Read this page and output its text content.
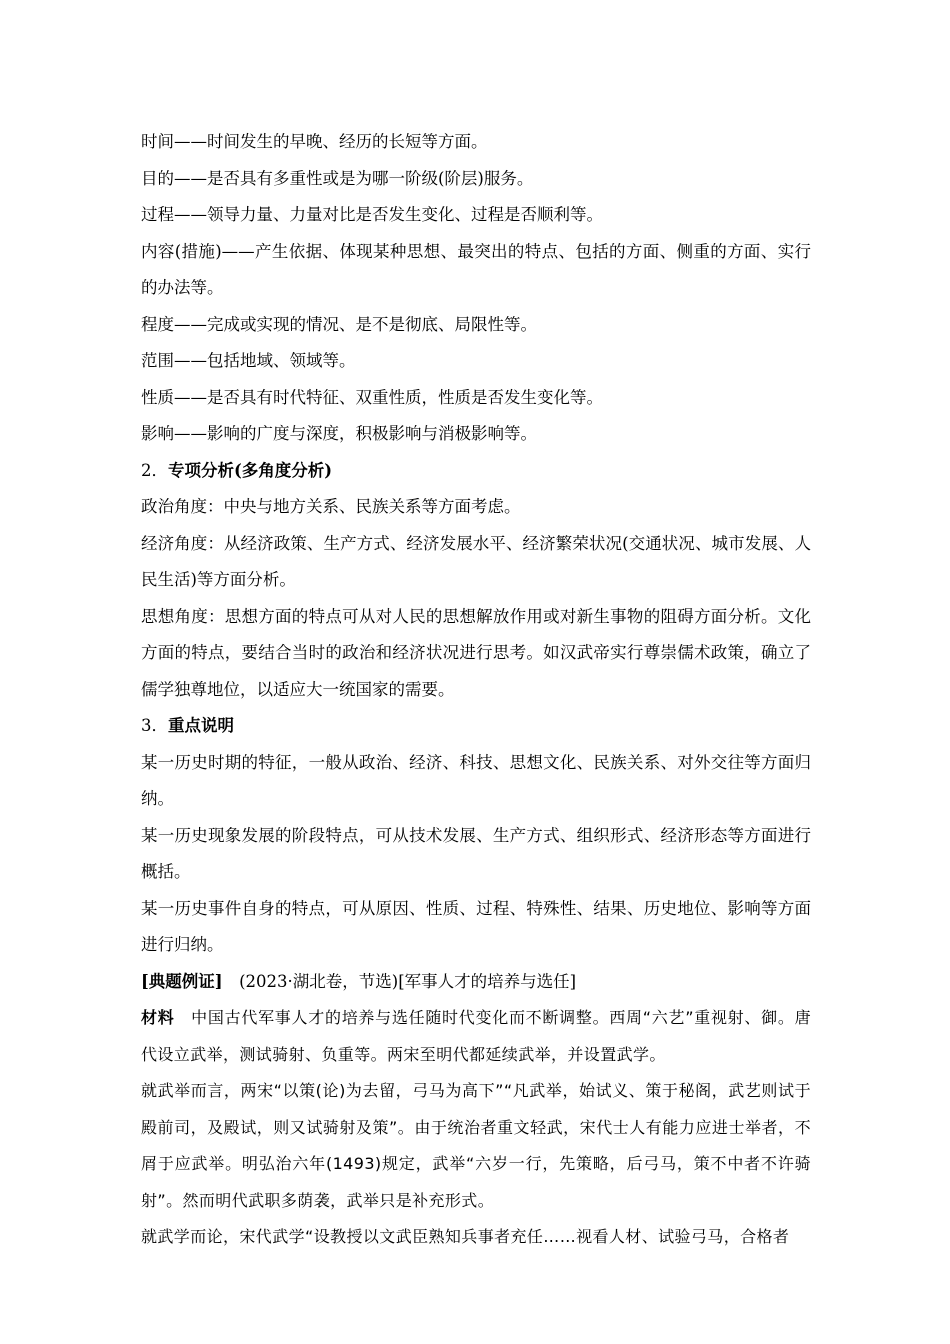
时间——时间发生的早晚、经历的长短等方面。

目的——是否具有多重性或是为哪一阶级(阶层)服务。

过程——领导力量、力量对比是否发生变化、过程是否顺利等。

内容(措施)——产生依据、体现某种思想、最突出的特点、包括的方面、侧重的方面、实行的办法等。

程度——完成或实现的情况、是不是彻底、局限性等。

范围——包括地域、领域等。

性质——是否具有时代特征、双重性质，性质是否发生变化等。

影响——影响的广度与深度，积极影响与消极影响等。

2．专项分析(多角度分析)

政治角度：中央与地方关系、民族关系等方面考虑。

经济角度：从经济政策、生产方式、经济发展水平、经济繁荣状况(交通状况、城市发展、人民生活)等方面分析。

思想角度：思想方面的特点可从对人民的思想解放作用或对新生事物的阻碍方面分析。文化方面的特点，要结合当时的政治和经济状况进行思考。如汉武帝实行尊崇儒术政策，确立了儒学独尊地位，以适应大一统国家的需要。

3．重点说明

某一历史时期的特征，一般从政治、经济、科技、思想文化、民族关系、对外交往等方面归纳。

某一历史现象发展的阶段特点，可从技术发展、生产方式、组织形式、经济形态等方面进行概括。

某一历史事件自身的特点，可从原因、性质、过程、特殊性、结果、历史地位、影响等方面进行归纳。

[典题例证]　(2023·湖北卷，节选)[军事人才的培养与选任]

材料　中国古代军事人才的培养与选任随时代变化而不断调整。西周“六艺”重视射、御。唐代设立武举，测试骑射、负重等。两宋至明代都延续武举，并设置武学。

就武举而言，两宋“以策(论)为去留，弓马为高下”“凡武举，始试义、策于秘阁，武艺则试于殿前司，及殿试，则又试骑射及策”。由于统治者重文轻武，宋代士人有能力应进士举者，不屑于应武举。明弘治六年(1493)规定，武举“六岁一行，先策略，后弓马，策不中者不许骑射”。然而明代武职多荫袭，武举只是补充形式。

就武学而论，宋代武学“设教授以文武臣熟知兵事者充任……视看人材、试验弓马，合格者
